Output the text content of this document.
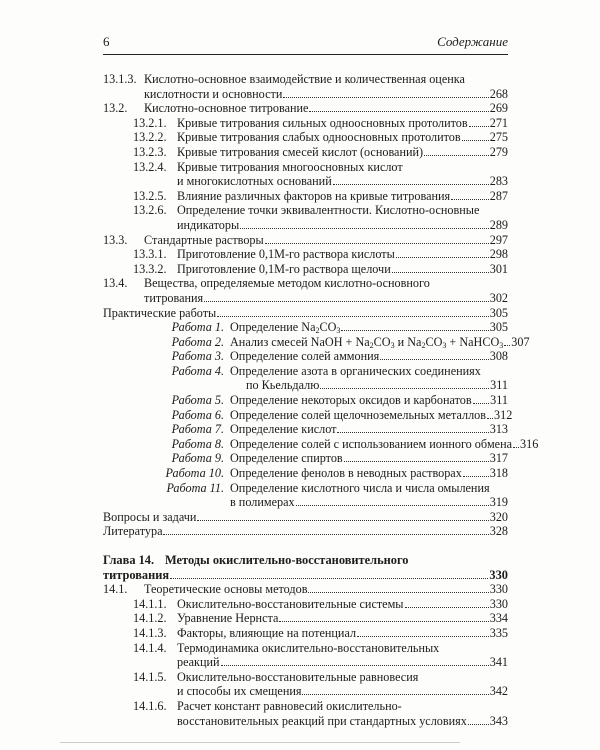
6	Содержание
13.1.3. Кислотно-основное взаимодействие и количественная оценка
кислотности и основности	268
13.2.	Кислотно-основное титрование	269
13.2.1. Кривые титрования сильных одноосновных протолитов 271
13.2.2. Кривые титрования слабых одноосновных протолитов 275
13.2.3. Кривые титрования смесей кислот (оснований)	279
13.2.4. Кривые титрования многоосновных кислот
и многокислотных оснований	283
13.2.5. Влияние различных факторов на кривые титрования	287
13.2.6. Определение точки эквивалентности. Кислотно-основные
индикаторы	289
13.3.	Стандартные растворы	297
13.3.1. Приготовление 0,1М-го раствора кислоты	298
13.3.2. Приготовление 0,1М-го раствора щелочи	301
13.4.	Вещества, определяемые методом кислотно-основного
титрования	302
Практические работы	305
Работа 1. Определение $Na_2CO_3$	305
Работа 2. Анализ смесей NaOH + $Na_2CO_3$ и $Na_2CO_3$ + NaHCO$_3$ 307
Работа 3. Определение солей аммония	308
Работа 4. Определение азота в органических соединениях
по Кьельдалю	311
Работа 5. Определение некоторых оксидов и карбонатов 311
Работа 6. Определение солей щелочноземельных металлов 312
Работа 7. Определение кислот	313
Работа 8. Определение солей с использованием ионного обмена 316
Работа 9. Определение спиртов	317
Работа 10. Определение фенолов в неводных растворах 318
Работа 11. Определение кислотного числа и числа омыления
в полимерах	319
Вопросы и задачи	320
Литература	328
Глава 14. Методы окислительно-восстановительного
титрования	330
14.1.	Теоретические основы методов	330
14.1.1. Окислительно-восстановительные системы	330
14.1.2. Уравнение Нернста	334
14.1.3. Факторы, влияющие на потенциал	335
14.1.4. Термодинамика окислительно-восстановительных
реакций	341
14.1.5. Окислительно-восстановительные равновесия
и способы их смещения	342
14.1.6. Расчет констант равновесий окислительно-
восстановительных реакций при стандартных условиях 343
